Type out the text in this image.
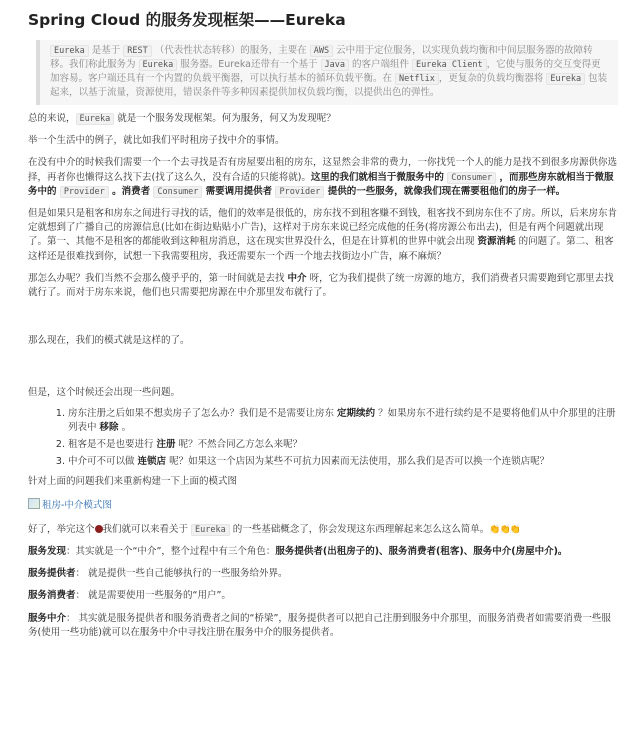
Spring Cloud 的服务发现框架——Eureka
Eureka 是基于 REST （代表性状态转移）的服务，主要在 AWS 云中用于定位服务，以实现负载均衡和中间层服务器的故障转移。我们称此服务为 Eureka 服务器。Eureka还带有一个基于 Java 的客户端组件 Eureka Client ，它使与服务的交互变得更加容易。客户端还具有一个内置的负载平衡器，可以执行基本的循环负载平衡。在 Netflix ，更复杂的负载均衡器将 Eureka 包装起来，以基于流量，资源使用，错误条件等多种因素提供加权负载均衡，以提供出色的弹性。

总的来说， Eureka 就是一个服务发现框架。何为服务，何又为发现呢？

举一个生活中的例子，就比如我们平时租房子找中介的事情。

在没有中介的时候我们需要一个一个去寻找是否有房屋要出租的房东，这显然会非常的费力，一你找凭一个人的能力是找不到很多房源供你选择，再者你也懒得这么找下去(找了这么久，没有合适的只能将就)。这里的我们就相当于微服务中的 Consumer ，而那些房东就相当于微服务中的 Provider 。消费者 Consumer 需要调用提供者 Provider 提供的一些服务，就像我们现在需要租他们的房子一样。

但是如果只是租客和房东之间进行寻找的话，他们的效率是很低的，房东找不到租客赚不到钱，租客找不到房东住不了房。所以，后来房东肯定就想到了广播自己的房源信息(比如在街边贴贴小广告)，这样对于房东来说已经完成他的任务(将房源公布出去)，但是有两个问题就出现了。第一、其他不是租客的都能收到这种租房消息，这在现实世界没什么，但是在计算机的世界中就会出现 资源消耗 的问题了。第二、租客这样还是很难找到你，试想一下我需要租房，我还需要东一个西一个地去找街边小广告，麻不麻烦？

那怎么办呢？我们当然不会那么傻乎乎的，第一时间就是去找 中介 呀，它为我们提供了统一房源的地方，我们消费者只需要跑到它那里去找就行了。而对于房东来说，他们也只需要把房源在中介那里发布就行了。

那么现在，我们的模式就是这样的了。

但是，这个时候还会出现一些问题。

1. 房东注册之后如果不想卖房子了怎么办？我们是不是需要让房东 定期续约 ？如果房东不进行续约是不是要将他们从中介那里的注册列表中 移除 。
2. 租客是不是也要进行 注册 呢？不然合同乙方怎么来呢？
3. 中介可不可以做 连锁店 呢？如果这一个店因为某些不可抗力因素而无法使用，那么我们是否可以换一个连锁店呢？

针对上面的问题我们来重新构建一下上面的模式图

租房-中介模式图

好了，举完这个 我们就可以来看关于 Eureka 的一些基础概念了，你会发现这东西理解起来怎么这么简单。👏👏👏

服务发现：其实就是一个“中介”，整个过程中有三个角色：服务提供者(出租房子的)、服务消费者(租客)、服务中介(房屋中介)。

服务提供者： 就是提供一些自己能够执行的一些服务给外界。

服务消费者： 就是需要使用一些服务的“用户”。

服务中介： 其实就是服务提供者和服务消费者之间的“桥梁”，服务提供者可以把自己注册到服务中介那里，而服务消费者如需要消费一些服务(使用一些功能)就可以在服务中介中寻找注册在服务中介的服务提供者。
